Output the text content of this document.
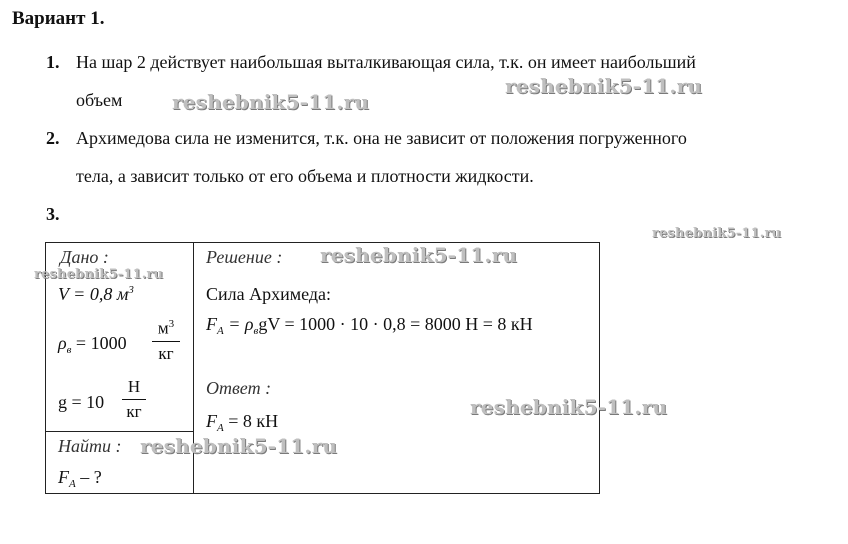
Вариант 1.
1. На шар 2 действует наибольшая выталкивающая сила, т.к. он имеет наибольший
объем
2. Архимедова сила не изменится, т.к. она не зависит от положения погруженного
тела, а зависит только от его объема и плотности жидкости.
3.
Дано :
V = 0,8 $м^3$
$\rho_в = 1000$
$м^3$
кг
g = 10
Н
кг
Найти :
$F_A$ – ?
Решение :
Сила Архимеда:
$F_A = \rho_вgV = 1000 \cdot 10 \cdot 0,8 = 8000$ Н = 8 кН
Ответ :
$F_A = 8$ кН
reshebnik5-11.ru
reshebnik5-11.ru
reshebnik5-11.ru
reshebnik5-11.ru
reshebnik5-11.ru
reshebnik5-11.ru
reshebnik5-11.ru
